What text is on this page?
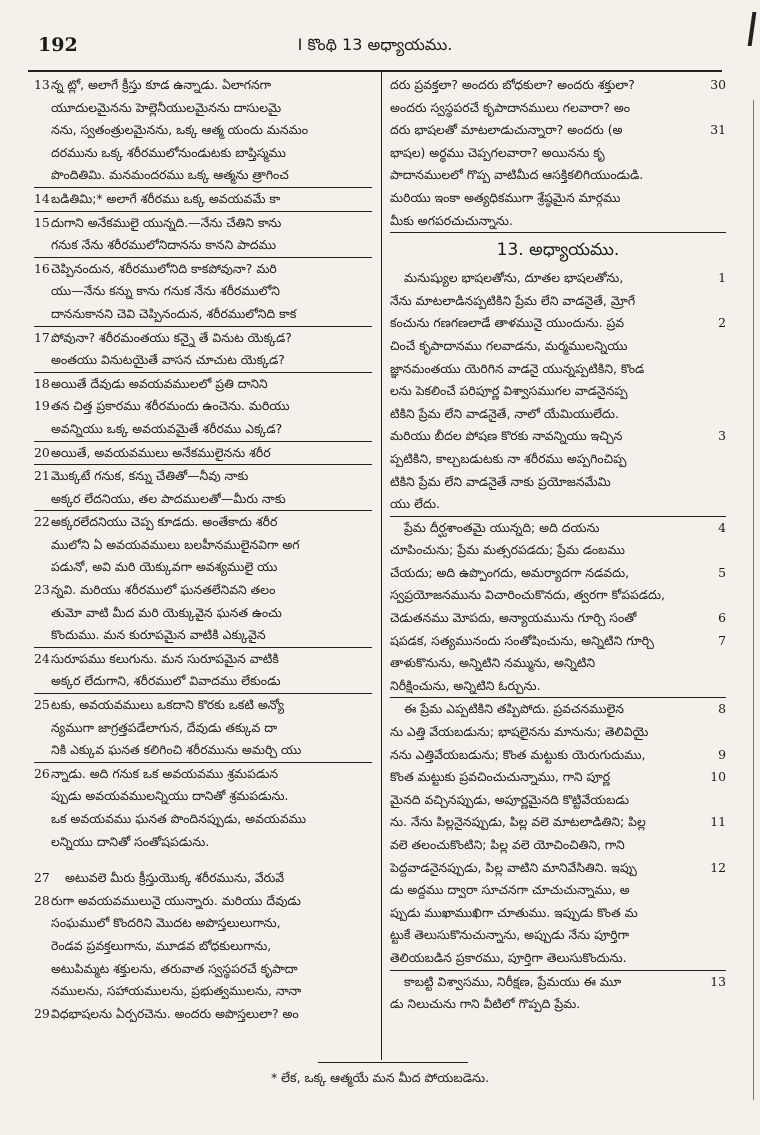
192	I కొంథి 13 అధ్యాయము.
13న్న ట్లో, అలాగే క్రీస్తు కూడ ఉన్నాడు. ఏలాగనగా
యూదులమైనను హెల్లెనీయులమైనను దాసులమై
నను, స్వతంత్రులమైనను, ఒక్క ఆత్మ యందు మనమం
దరమును ఒక్క శరీరములోనుండుటకు బాప్తిస్మము
పొందితివిు. మనమందరము ఒక్క ఆత్మను త్రాగించ
14బడితివిు;* అలాగే శరీరము ఒక్క అవయవమే కా
15దుగాని అనేకములై యున్నది.—నేను చేతిని కాను
గనుక నేను శరీరములోనిదానను కానని పాదము
16చెప్పినందున, శరీరములోనిది కాకపోవునా? మరి
యు—నేను కన్ను కాను గనుక నేను శరీరములోని
దాననుకానని చెవి చెప్పినందున, శరీరములోనిది కాక
17పోవునా? శరీరమంతయు కన్నై తే వినుట యెక్కడ?
అంతయు వినుటయైతే వాసన చూచుట యెక్కడ?
18అయితే దేవుడు అవయవములలో ప్రతి దానిని
19తన చిత్త ప్రకారము శరీరమందు ఉంచెను. మరియు
అవన్నియు ఒక్క అవయవమైతే శరీరము ఎక్కడ?
20అయితే, అవయవములు అనేకములైనను శరీర
21మొక్కటే గనుక, కన్ను చేతితో—నీవు నాకు
అక్కర లేదనియు, తల పాదములతో—మీరు నాకు
22అక్కరలేదనియు చెప్ప కూడదు. అంతేకాదు శరీర
ములోని ఏ అవయవములు బలహీనములైనవిగా అగ
పడునో, అవి మరి యెక్కువగా అవశ్యములై యు
23న్నవి. మరియు శరీరములో ఘనతలేనివని తలం
తుమో వాటి మీద మరి యెక్కువైన ఘనత ఉంచు
కొందుము. మన కురూపమైన వాటికి ఎక్కువైన
24సురూపము కలుగును. మన సురూపమైన వాటికి
అక్కర లేదుగాని, శరీరములో వివాదము లేకుండు
25టకు, అవయవములు ఒకదాని కొరకు ఒకటి అన్యో
న్యముగా జాగ్రత్తపడేలాగున, దేవుడు తక్కువ దా
నికి ఎక్కువ ఘనత కలిగించి శరీరమును అమర్చి యు
26న్నాడు. అది గనుక ఒక అవయవము శ్రమపడున
ప్పుడు అవయవములన్నియు దానితో శ్రమపడును.
ఒక అవయవము ఘనత పొందినప్పుడు, అవయవము
లన్నియు దానితో సంతోషపడును.
27 అటువలె మీరు క్రీస్తుయొక్క శరీరమును, వేరువే
28రుగా అవయవములునై యున్నారు. మరియు దేవుడు
సంఘములో కొందరిని మొదట అపొస్తలులుగాను,
రెండవ ప్రవక్తలుగాను, మూడవ బోధకులుగాను,
అటుపిమ్మట శక్తులను, తరువాత స్వస్థపరచే కృపాదా
నములను, సహాయములను, ప్రభుత్వములను, నానా
29విధభాషలను ఏర్పరచెను. అందరు అపొస్తలులా? అం
దరు ప్రవక్తలా? అందరు బోధకులా? అందరు శక్తులా?	30
అందరు స్వస్థపరచే కృపాదానములు గలవారా? అం
దరు భాషలతో మాటలాడుచున్నారా? అందరు (అ	31
భాషల) అర్థము చెప్పగలవారా? అయినను కృ
పాదానములలో గొప్ప వాటిమీద ఆసక్తికలిగియుండుడి.
మరియు ఇంకా అత్యధికముగా శ్రేష్ఠమైన మార్గము
మీకు అగపరచుచున్నాను.
13. అధ్యాయము.
మనుష్యుల భాషలతోను, దూతల భాషలతోను,	1
నేను మాటలాడినప్పటికిని ప్రేమ లేని వాడనైతే, మ్రోగే
కంచును గణగణలాడే తాళమునై యుందును. ప్రవ	2
చించే కృపాదానము గలవాడను, మర్మములన్నియు
జ్ఞానమంతయు యెరిగిన వాడనై యున్నప్పటికిని, కొండ
లను పెకలించే పరిపూర్ణ విశ్వాసముగల వాడనైనప్ప
టికిని ప్రేమ లేని వాడనైతే, నాలో యేమియులేదు.
మరియు బీదల పోషణ కొరకు నావన్నియు ఇచ్చిన	3
ప్పటికిని, కాల్చబడుటకు నా శరీరము అప్పగించిప్ప
టికిని ప్రేమ లేని వాడనైతే నాకు ప్రయోజనమేమి
యు లేదు.
ప్రేమ దీర్ఘశాంతమై యున్నది; అది దయను	4
చూపించును; ప్రేమ మత్సరపడదు; ప్రేమ డంబము
చేయదు; అది ఉప్పొంగదు, అమర్యాదగా నడవదు,	5
స్వప్రయోజనమును విచారించుకొనదు, త్వరగా కోపపడదు,
చెడుతనము మోపదు, అన్యాయమును గూర్చి సంతో	6
షపడక, సత్యమునందు సంతోషించును, అన్నిటిని గూర్చి	7
తాళుకొనును, అన్నిటిని నమ్మును, అన్నిటిని
నిరీక్షించును, అన్నిటిని ఓర్చును.
ఈ ప్రేమ ఎప్పటికిని తప్పిపోదు. ప్రవచనములైన	8
ను ఎత్తి వేయబడును; భాషలైనను మానును; తెలివియై
నను ఎత్తివేయబడును; కొంత మట్టుకు యెరుగుదుము,	9
కొంత మట్టుకు ప్రవచించుచున్నాము, గాని పూర్ణ	10
మైనది వచ్చినప్పుడు, అపూర్ణమైనది కొట్టివేయబడు
ను. నేను పిల్లనైనప్పుడు, పిల్ల వలె మాటలాడితిని; పిల్ల	11
వలె తలంచుకొంటిని; పిల్ల వలె యోచించితిని, గాని
పెద్దవాడనైనప్పుడు, పిల్ల వాటిని మానివేసితిని. ఇప్పు	12
డు అద్దము ద్వారా సూచనగా చూచుచున్నాము, అ
ప్పుడు ముఖాముఖిగా చూతుము. ఇప్పుడు కొంత మ
ట్టుకే తెలుసుకొనుచున్నాను, అప్పుడు నేను పూర్తిగా
తెలియబడిన ప్రకారము, పూర్తిగా తెలుసుకొందును.
కాబట్టి విశ్వాసము, నిరీక్షణ, ప్రేమయు ఈ మూ	13
డు నిలుచును గాని వీటిలో గొప్పది ప్రేమ.
* లేక, ఒక్క ఆత్మయే మన మీద పోయబడెను.
